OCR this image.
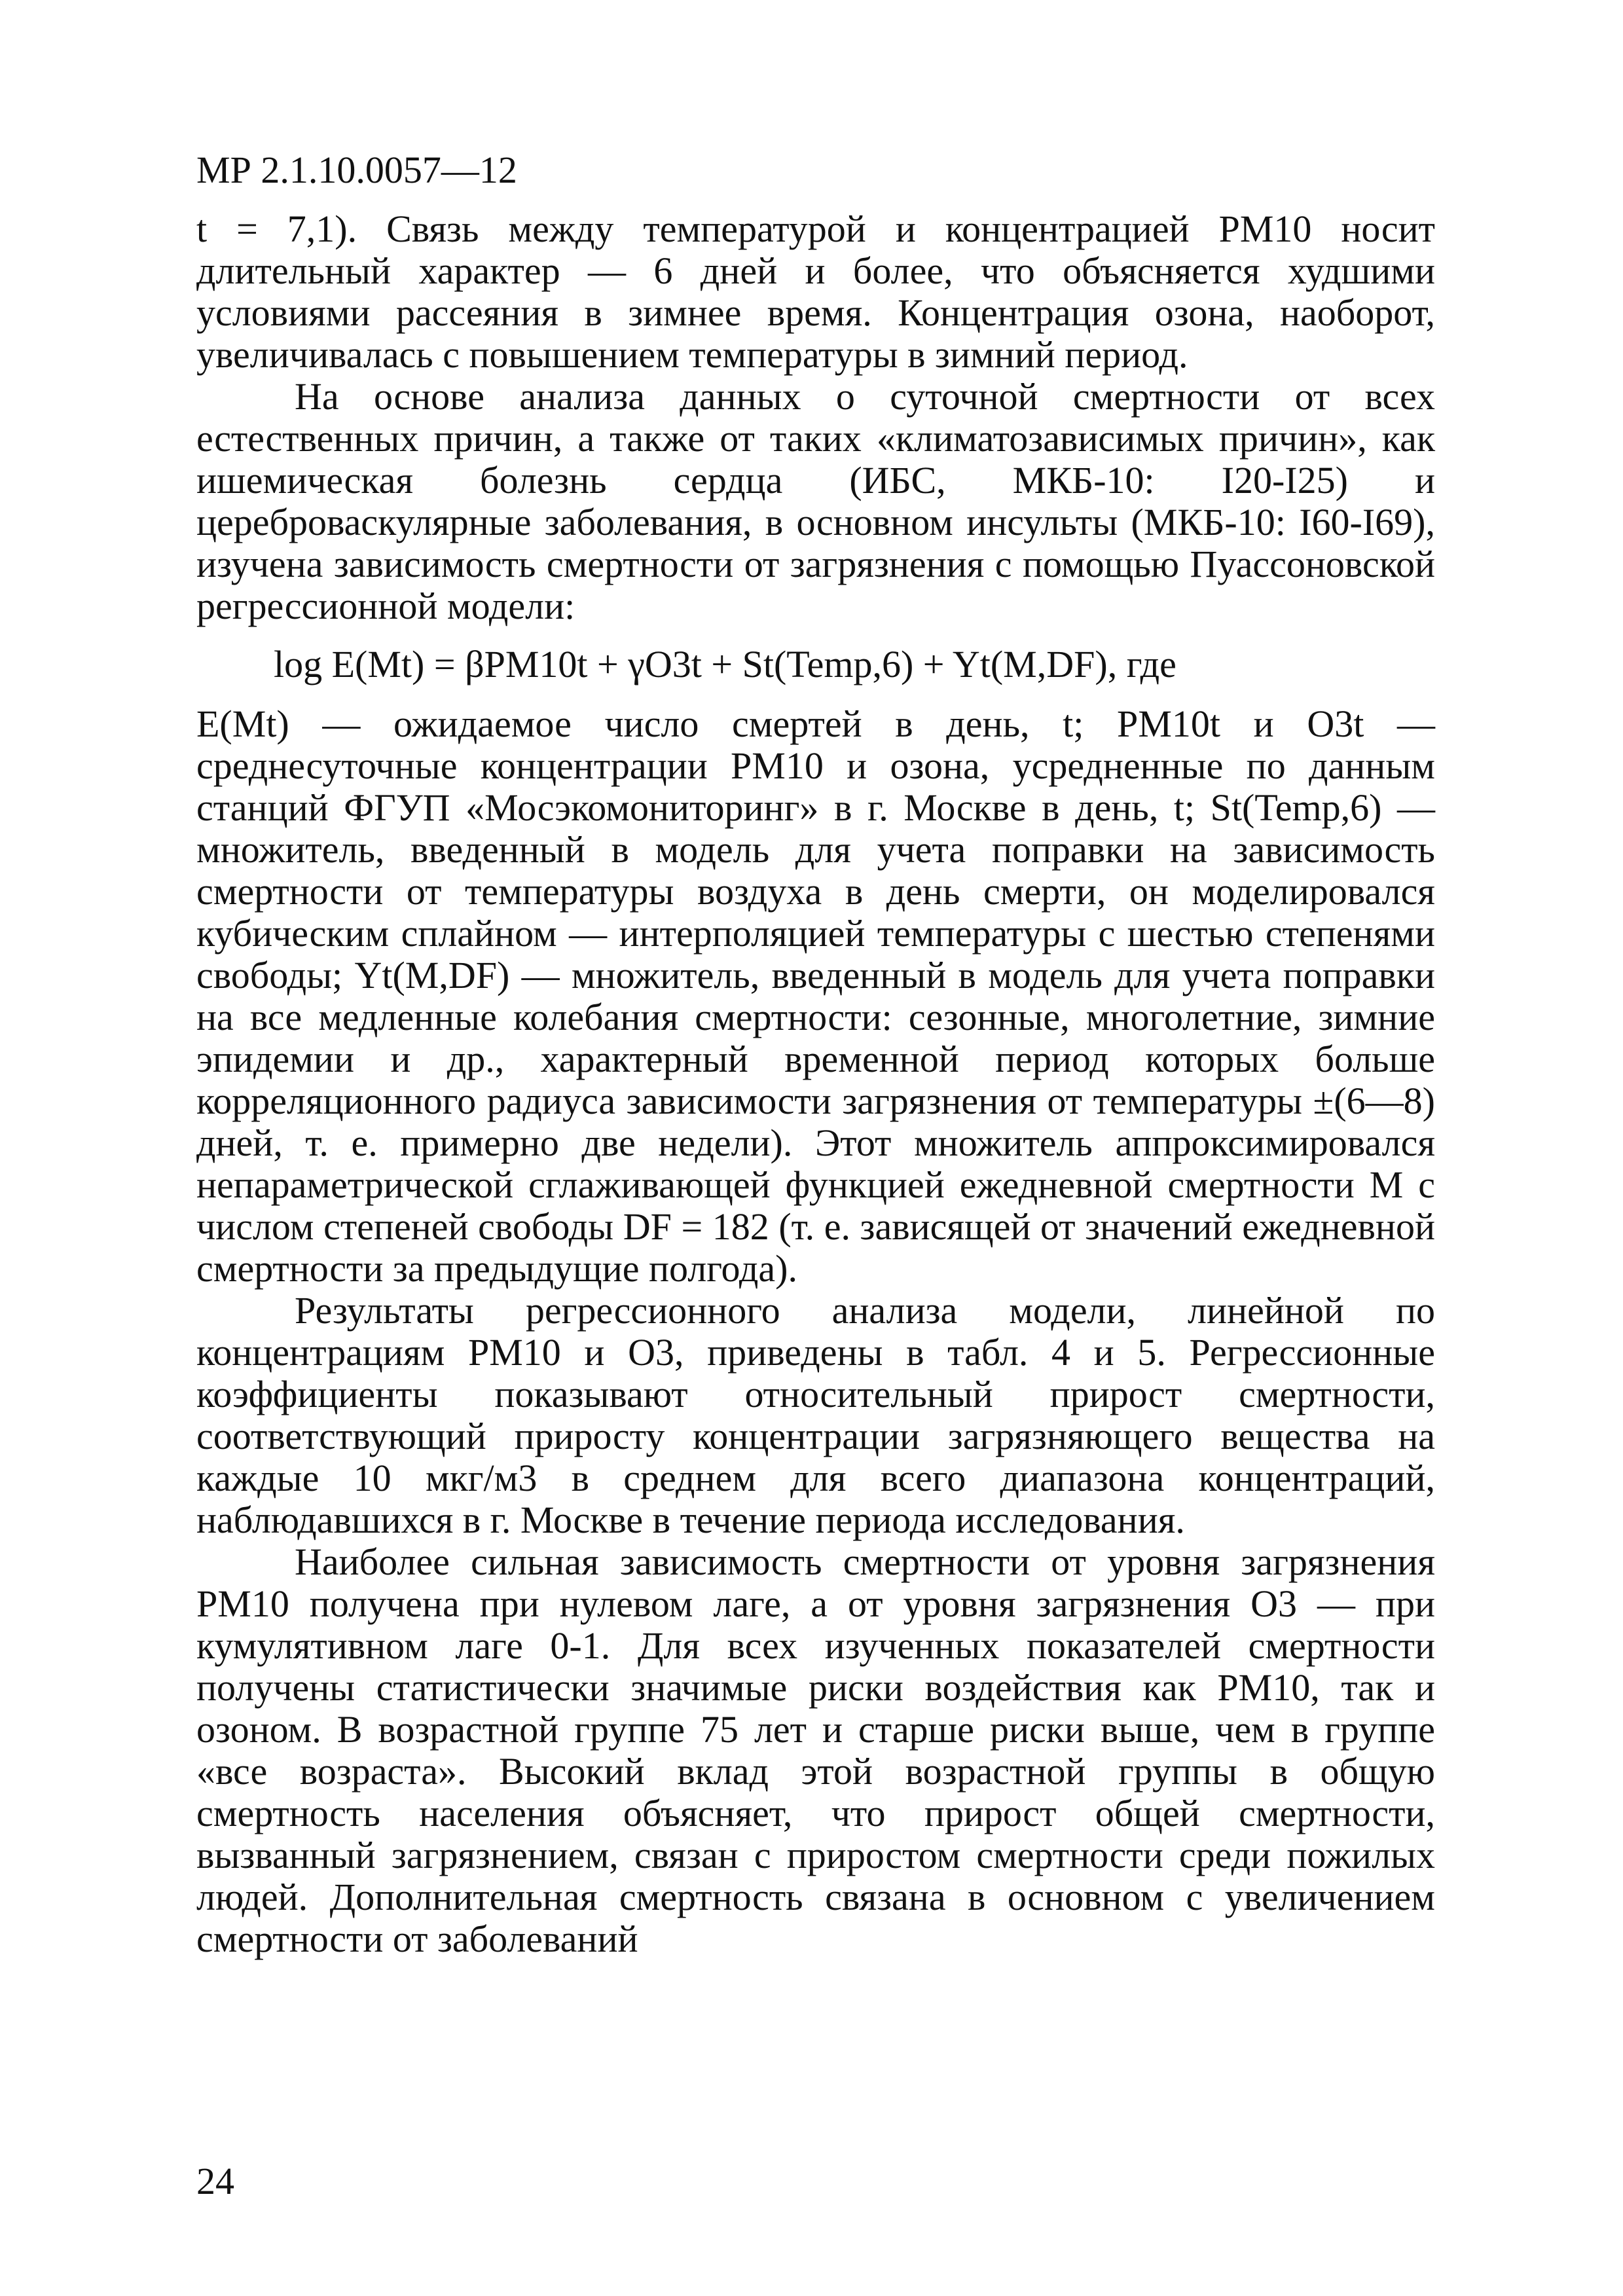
МР 2.1.10.0057—12

t = 7,1). Связь между температурой и концентрацией PM10 носит длительный характер — 6 дней и более, что объясняется худшими условиями рассеяния в зимнее время. Концентрация озона, наоборот, увеличивалась с повышением температуры в зимний период.

На основе анализа данных о суточной смертности от всех естественных причин, а также от таких «климатозависимых причин», как ишемическая болезнь сердца (ИБС, МКБ-10: I20-I25) и цереброваскулярные заболевания, в основном инсульты (МКБ-10: I60-I69), изучена зависимость смертности от загрязнения с помощью Пуассоновской регрессионной модели:

log E(Mt) = βPM10t + γO3t + St(Temp,6) + Yt(M,DF), где

E(Mt) — ожидаемое число смертей в день, t; PM10t и O3t — среднесуточные концентрации PM10 и озона, усредненные по данным станций ФГУП «Мосэкомониторинг» в г. Москве в день, t; St(Temp,6) — множитель, введенный в модель для учета поправки на зависимость смертности от температуры воздуха в день смерти, он моделировался кубическим сплайном — интерполяцией температуры с шестью степенями свободы; Yt(M,DF) — множитель, введенный в модель для учета поправки на все медленные колебания смертности: сезонные, многолетние, зимние эпидемии и др., характерный временной период которых больше корреляционного радиуса зависимости загрязнения от температуры ±(6—8) дней, т. е. примерно две недели). Этот множитель аппроксимировался непараметрической сглаживающей функцией ежедневной смертности M с числом степеней свободы DF = 182 (т. е. зависящей от значений ежедневной смертности за предыдущие полгода).

Результаты регрессионного анализа модели, линейной по концентрациям PM10 и O3, приведены в табл. 4 и 5. Регрессионные коэффициенты показывают относительный прирост смертности, соответствующий приросту концентрации загрязняющего вещества на каждые 10 мкг/м3 в среднем для всего диапазона концентраций, наблюдавшихся в г. Москве в течение периода исследования.

Наиболее сильная зависимость смертности от уровня загрязнения PM10 получена при нулевом лаге, а от уровня загрязнения O3 — при кумулятивном лаге 0-1. Для всех изученных показателей смертности получены статистически значимые риски воздействия как PM10, так и озоном. В возрастной группе 75 лет и старше риски выше, чем в группе «все возраста». Высокий вклад этой возрастной группы в общую смертность населения объясняет, что прирост общей смертности, вызванный загрязнением, связан с приростом смертности среди пожилых людей. Дополнительная смертность связана в основном с увеличением смертности от заболеваний

24
